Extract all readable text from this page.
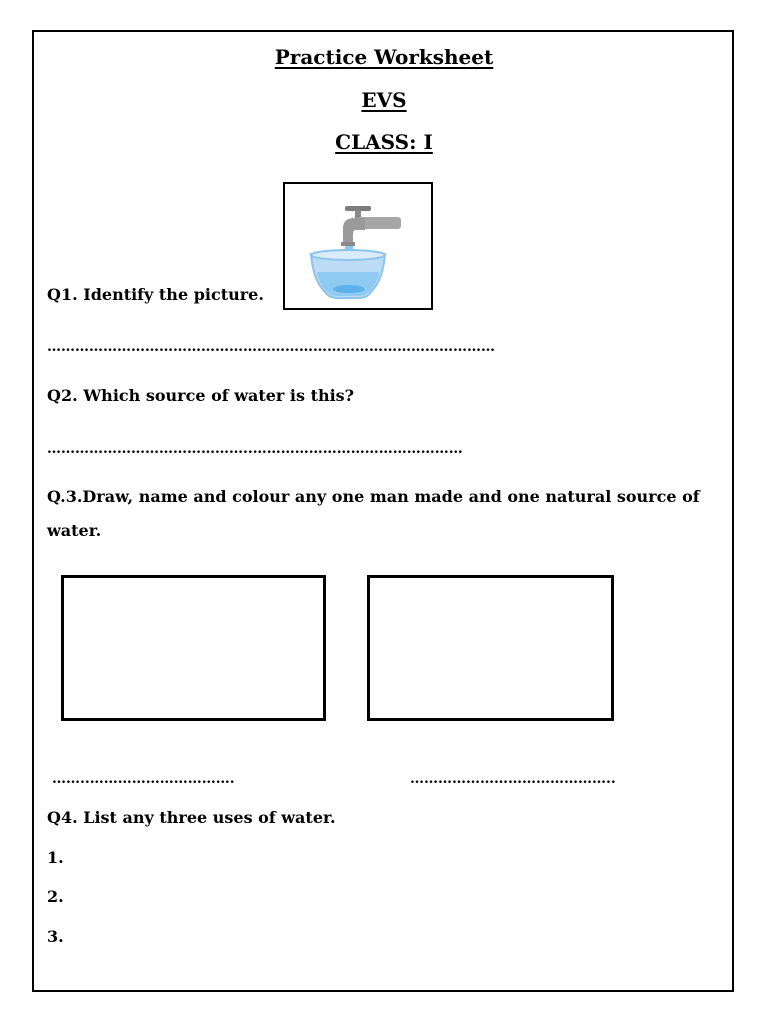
Practice Worksheet
EVS
CLASS: I
Q1. Identify the picture.
……………………………………………………………………………………
Q2. Which source of water is this?
……………………………………..………………………………………
Q.3.Draw, name and colour any one man made and one natural source of
water.
……..………………………….	……………………………………..
Q4. List any three uses of water.
1.
2.
3.
